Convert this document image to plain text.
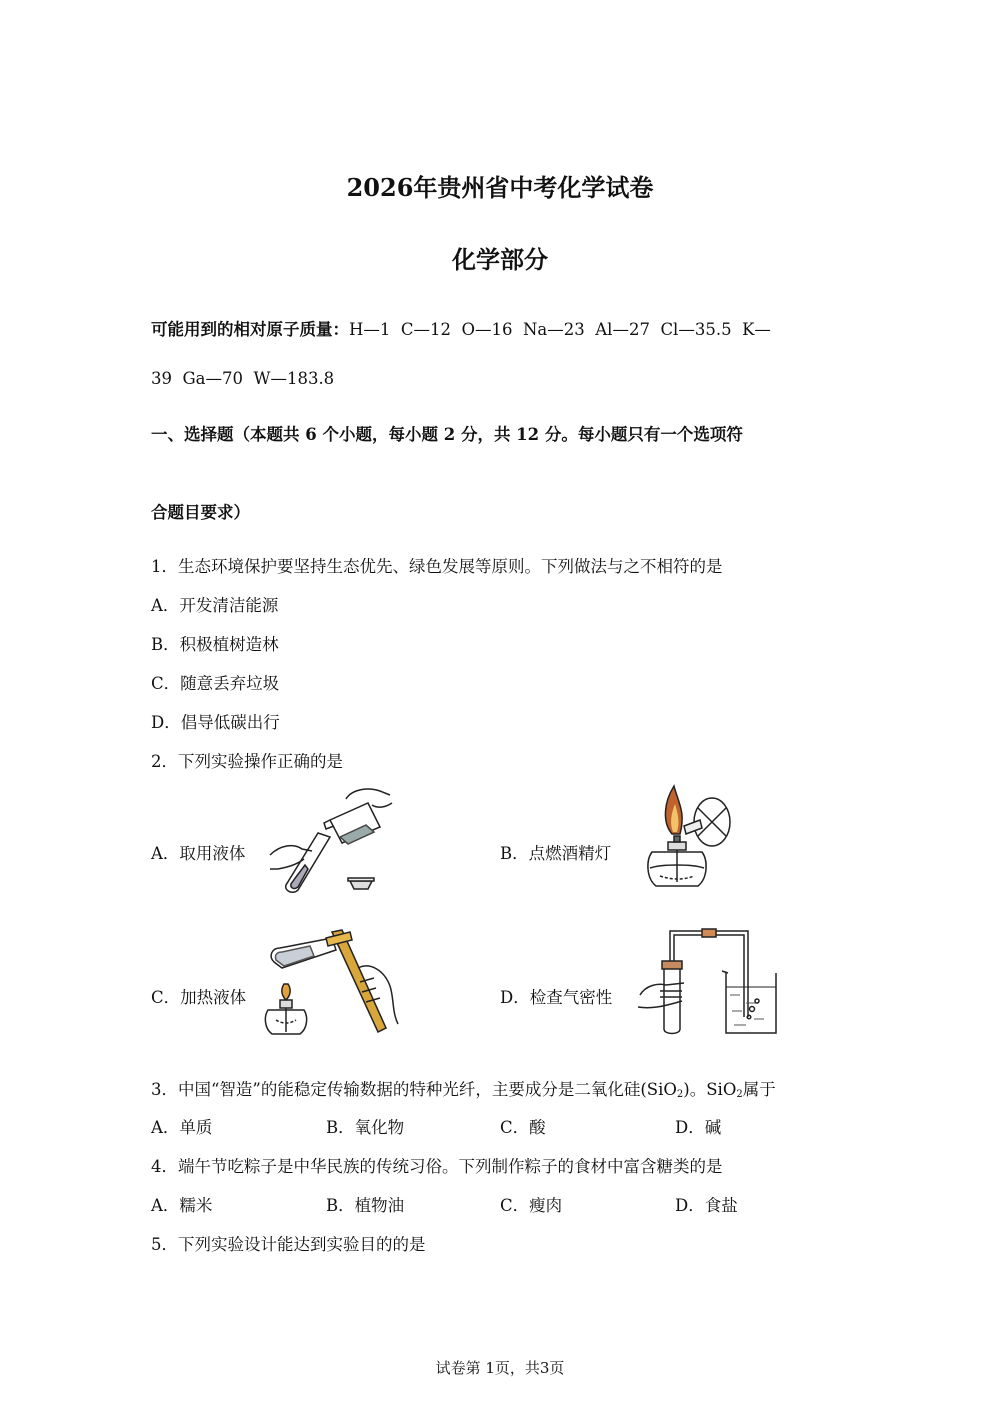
2026年贵州省中考化学试卷
化学部分
可能用到的相对原子质量：H—1  C—12  O—16  Na—23  Al—27  Cl—35.5  K—
39  Ga—70  W—183.8
一、选择题（本题共 6 个小题，每小题 2 分，共 12 分。每小题只有一个选项符
合题目要求）
1．生态环境保护要坚持生态优先、绿色发展等原则。下列做法与之不相符的是
A．开发清洁能源
B．积极植树造林
C．随意丢弃垃圾
D．倡导低碳出行
2．下列实验操作正确的是
A．取用液体	B．点燃酒精灯
C．加热液体	D．检查气密性
3．中国“智造”的能稳定传输数据的特种光纤，主要成分是二氧化硅(SiO$_2$)。SiO$_2$属于
A．单质	B．氧化物	C．酸	D．碱
4．端午节吃粽子是中华民族的传统习俗。下列制作粽子的食材中富含糖类的是
A．糯米	B．植物油	C．瘦肉	D．食盐
5．下列实验设计能达到实验目的的是
试卷第 1页，共3页
